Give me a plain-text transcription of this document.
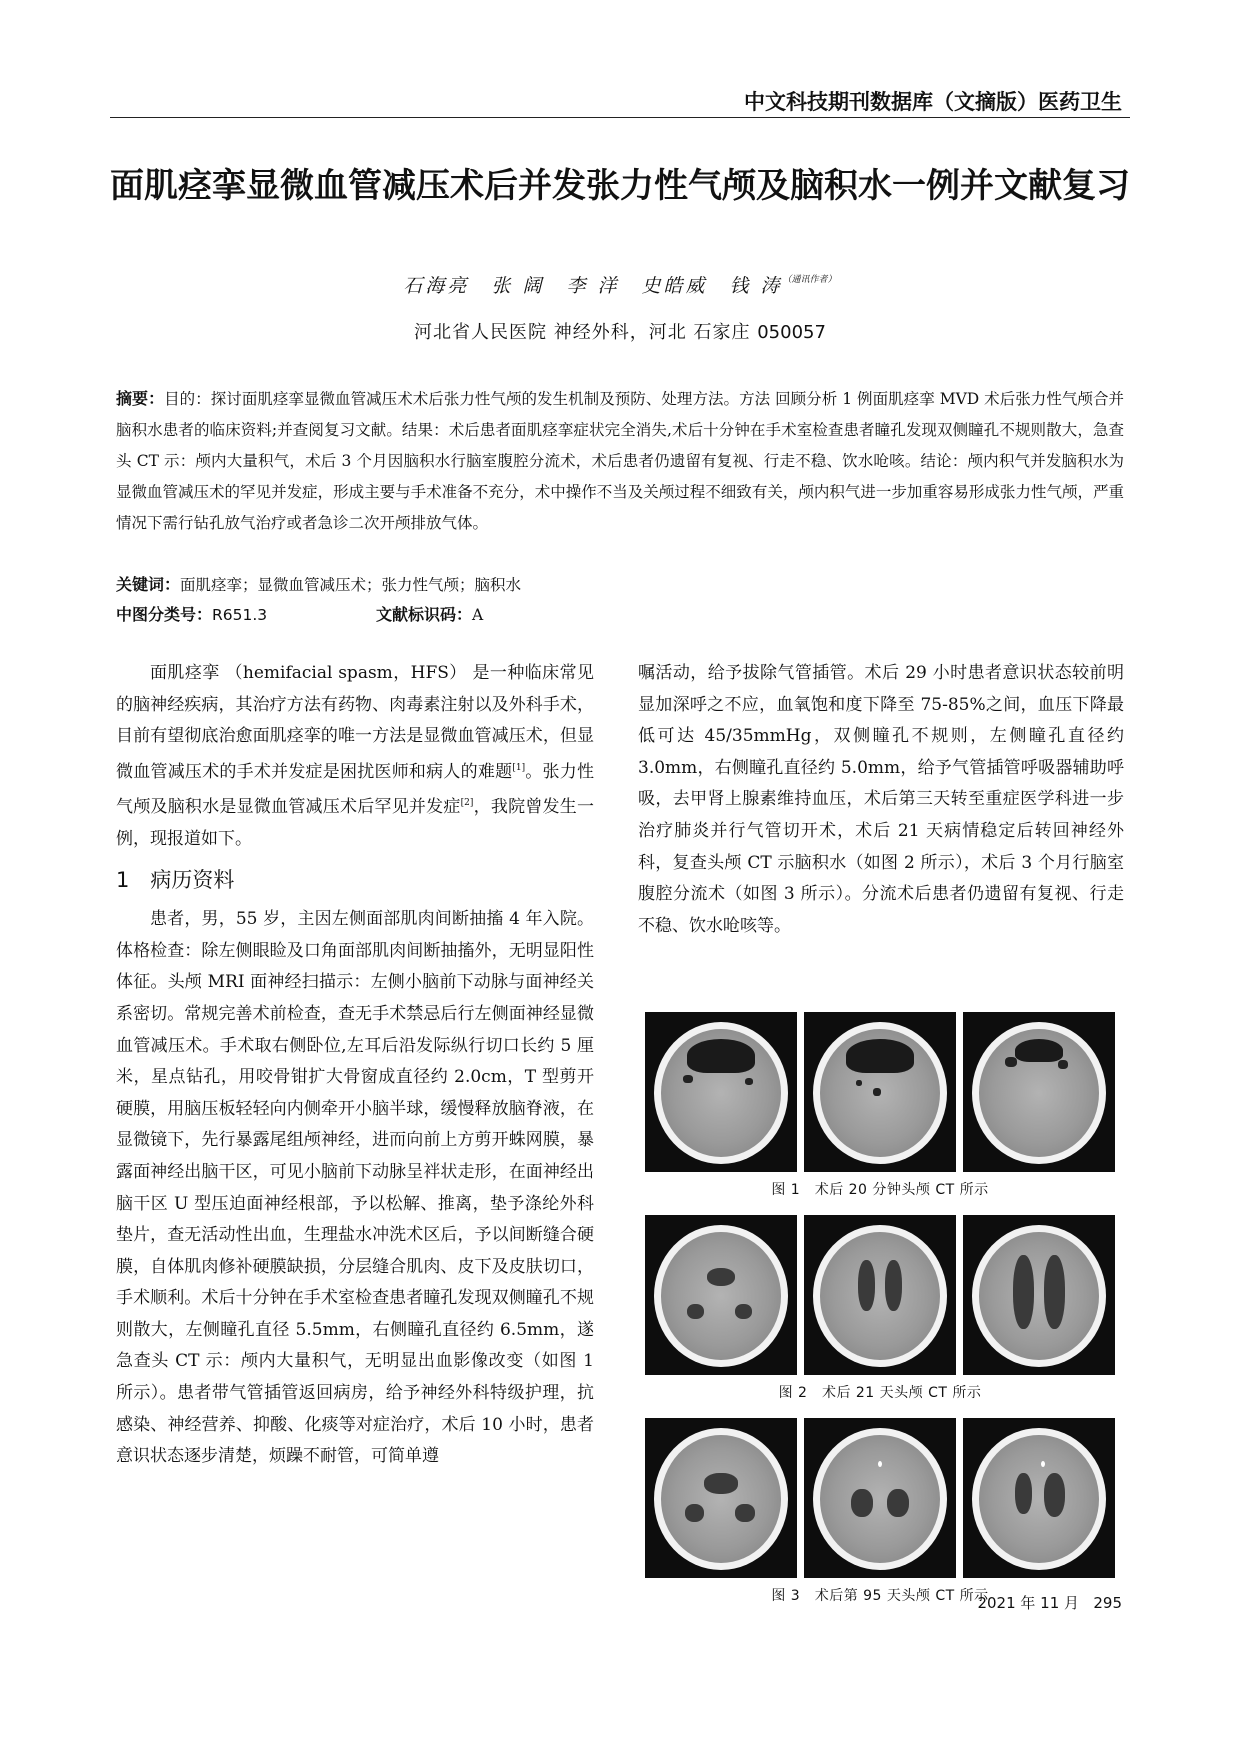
中文科技期刊数据库（文摘版）医药卫生
面肌痉挛显微血管减压术后并发张力性气颅及脑积水一例并文献复习
石海亮　张 阔　李 洋　史皓威　钱 涛$^{(通讯作者)}$
河北省人民医院 神经外科，河北 石家庄 050057
摘要：目的：探讨面肌痉挛显微血管减压术术后张力性气颅的发生机制及预防、处理方法。方法 回顾分析 1 例面肌痉挛 MVD 术后张力性气颅合并脑积水患者的临床资料;并查阅复习文献。结果：术后患者面肌痉挛症状完全消失,术后十分钟在手术室检查患者瞳孔发现双侧瞳孔不规则散大，急查头 CT 示：颅内大量积气，术后 3 个月因脑积水行脑室腹腔分流术，术后患者仍遗留有复视、行走不稳、饮水呛咳。结论：颅内积气并发脑积水为显微血管减压术的罕见并发症，形成主要与手术准备不充分，术中操作不当及关颅过程不细致有关，颅内积气进一步加重容易形成张力性气颅，严重情况下需行钻孔放气治疗或者急诊二次开颅排放气体。
关键词：面肌痉挛；显微血管减压术；张力性气颅；脑积水
中图分类号：R651.3	文献标识码：A

面肌痉挛 （hemifacial spasm，HFS） 是一种临床常见的脑神经疾病，其治疗方法有药物、肉毒素注射以及外科手术，目前有望彻底治愈面肌痉挛的唯一方法是显微血管减压术，但显微血管减压术的手术并发症是困扰医师和病人的难题[1]。张力性气颅及脑积水是显微血管减压术后罕见并发症[2]，我院曾发生一例，现报道如下。

1　病历资料

患者，男，55 岁，主因左侧面部肌肉间断抽搐 4 年入院。体格检查：除左侧眼睑及口角面部肌肉间断抽搐外，无明显阳性体征。头颅 MRI 面神经扫描示：左侧小脑前下动脉与面神经关系密切。常规完善术前检查，查无手术禁忌后行左侧面神经显微血管减压术。手术取右侧卧位,左耳后沿发际纵行切口长约 5 厘米，星点钻孔，用咬骨钳扩大骨窗成直径约 2.0cm，T 型剪开硬膜，用脑压板轻轻向内侧牵开小脑半球，缓慢释放脑脊液，在显微镜下，先行暴露尾组颅神经，进而向前上方剪开蛛网膜，暴露面神经出脑干区，可见小脑前下动脉呈袢状走形，在面神经出脑干区 U 型压迫面神经根部，予以松解、推离，垫予涤纶外科垫片，查无活动性出血，生理盐水冲洗术区后，予以间断缝合硬膜，自体肌肉修补硬膜缺损，分层缝合肌肉、皮下及皮肤切口，手术顺利。术后十分钟在手术室检查患者瞳孔发现双侧瞳孔不规则散大，左侧瞳孔直径 5.5mm，右侧瞳孔直径约 6.5mm，遂急查头 CT 示：颅内大量积气，无明显出血影像改变（如图 1 所示）。患者带气管插管返回病房，给予神经外科特级护理，抗感染、神经营养、抑酸、化痰等对症治疗，术后 10 小时，患者意识状态逐步清楚，烦躁不耐管，可简单遵

嘱活动，给予拔除气管插管。术后 29 小时患者意识状态较前明显加深呼之不应，血氧饱和度下降至 75-85%之间，血压下降最低可达 45/35mmHg，双侧瞳孔不规则，左侧瞳孔直径约 3.0mm，右侧瞳孔直径约 5.0mm，给予气管插管呼吸器辅助呼吸，去甲肾上腺素维持血压，术后第三天转至重症医学科进一步治疗肺炎并行气管切开术，术后 21 天病情稳定后转回神经外科，复查头颅 CT 示脑积水（如图 2 所示），术后 3 个月行脑室腹腔分流术（如图 3 所示）。分流术后患者仍遗留有复视、行走不稳、饮水呛咳等。

图 1　术后 20 分钟头颅 CT 所示
图 2　术后 21 天头颅 CT 所示
图 3　术后第 95 天头颅 CT 所示
2021 年 11 月 295
